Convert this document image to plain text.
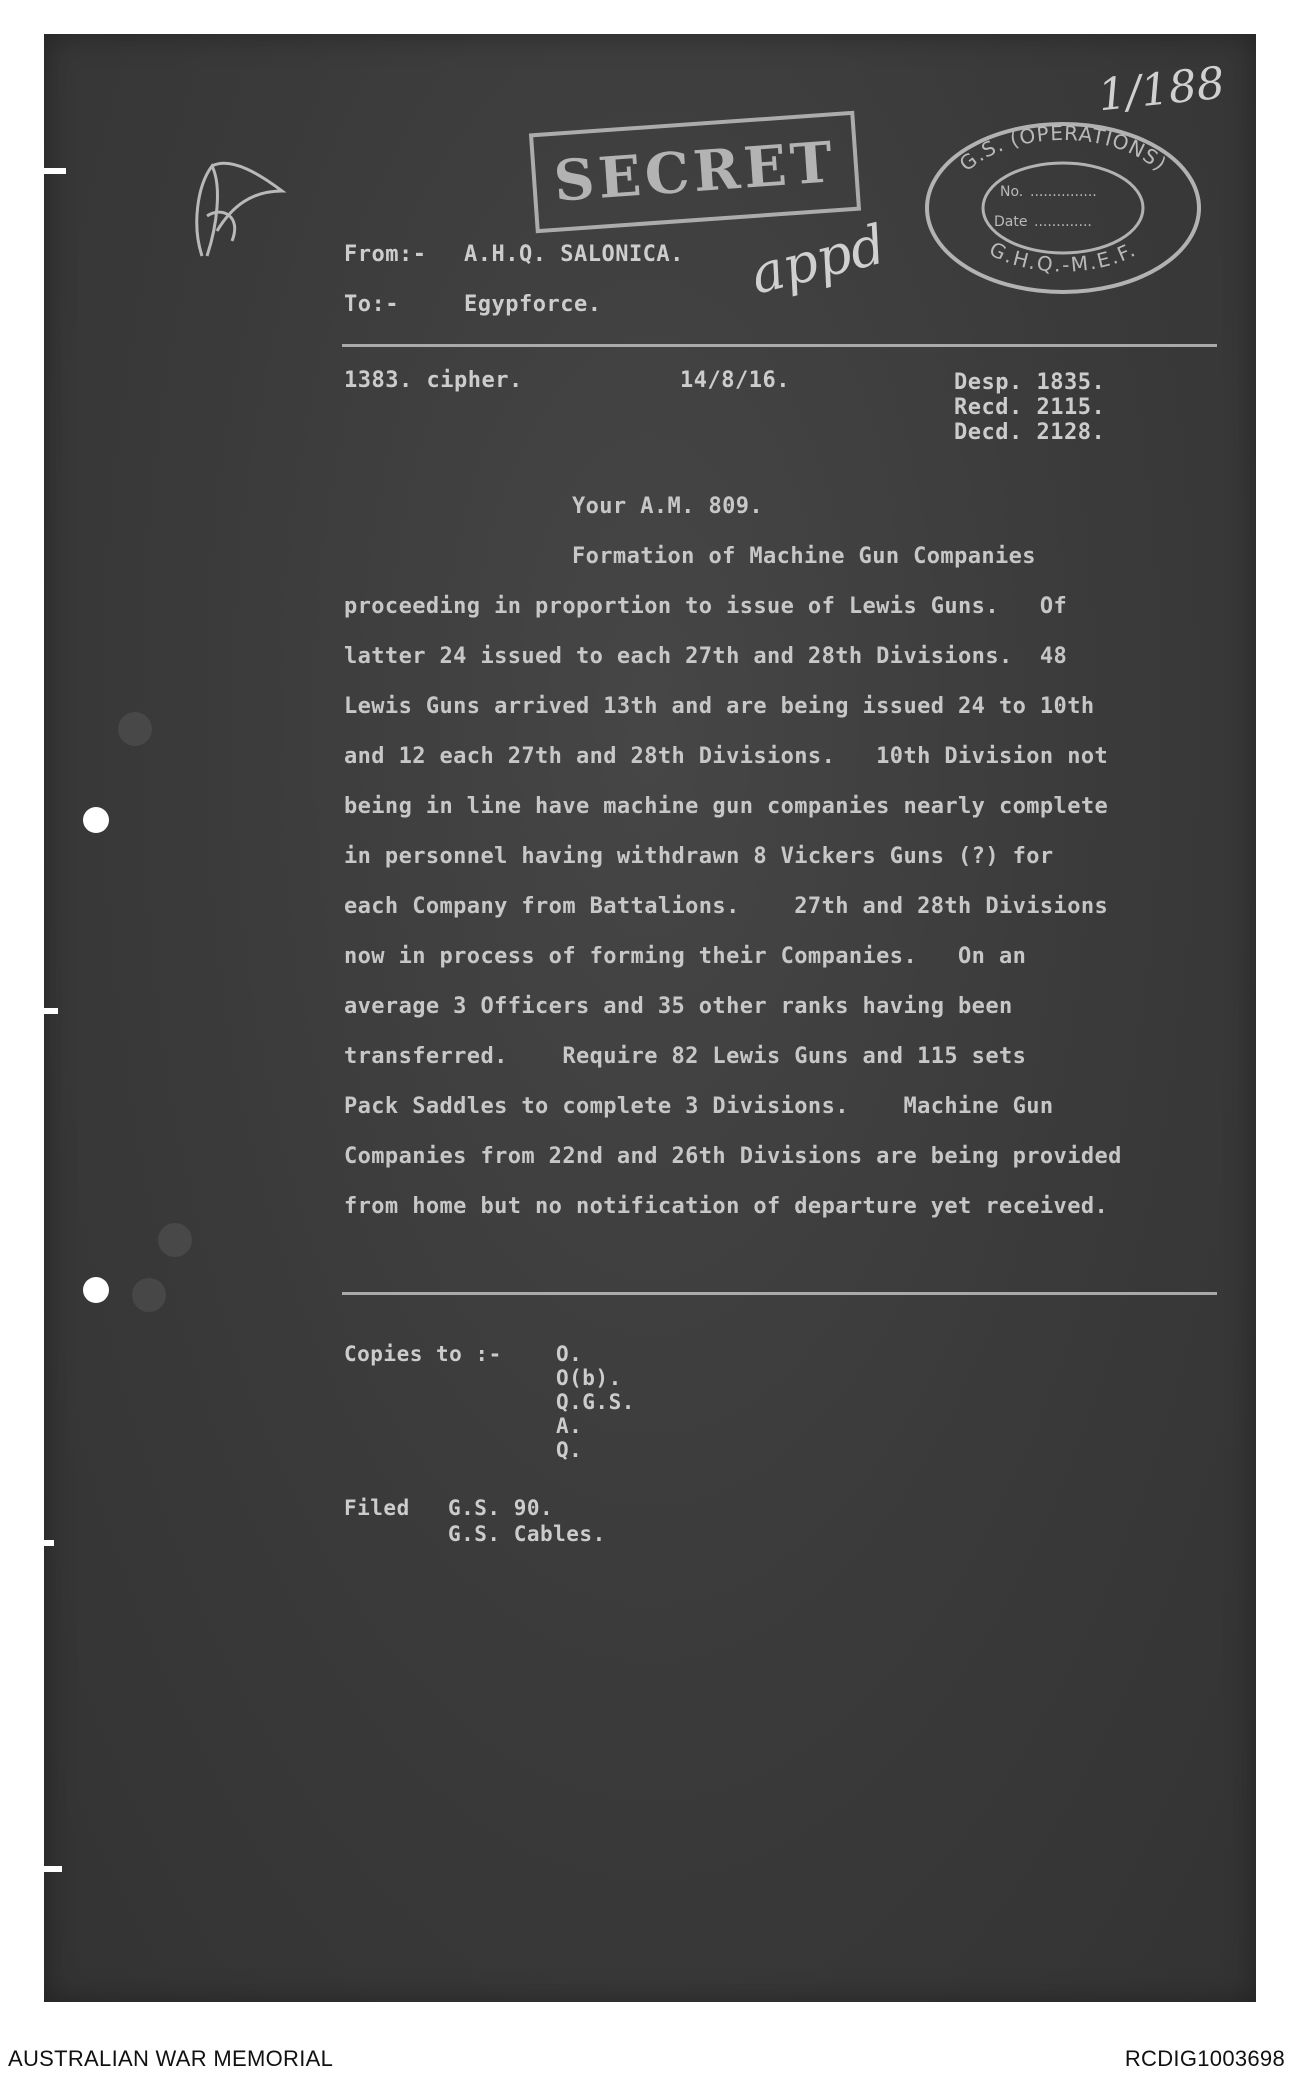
1/188
SECRET
appd
G.S. (OPERATIONS)
G.H.Q.-M.E.F.
No. ...............
Date .............
From:- A.H.Q. SALONICA.
To:-	Egypforce.
1383. cipher.	14/8/16.	Desp. 1835.
Recd. 2115.
Decd. 2128.
Your A.M. 809.
Formation of Machine Gun Companies
proceeding in proportion to issue of Lewis Guns.   Of
latter 24 issued to each 27th and 28th Divisions.  48
Lewis Guns arrived 13th and are being issued 24 to 10th
and 12 each 27th and 28th Divisions.   10th Division not
being in line have machine gun companies nearly complete
in personnel having withdrawn 8 Vickers Guns (?) for
each Company from Battalions.    27th and 28th Divisions
now in process of forming their Companies.   On an
average 3 Officers and 35 other ranks having been
transferred.    Require 82 Lewis Guns and 115 sets
Pack Saddles to complete 3 Divisions.    Machine Gun
Companies from 22nd and 26th Divisions are being provided
from home but no notification of departure yet received.
Copies to :-	O.
O(b).
Q.G.S.
A.
Q.
Filed G.S. 90.
G.S. Cables.
AUSTRALIAN WAR MEMORIAL	RCDIG1003698
